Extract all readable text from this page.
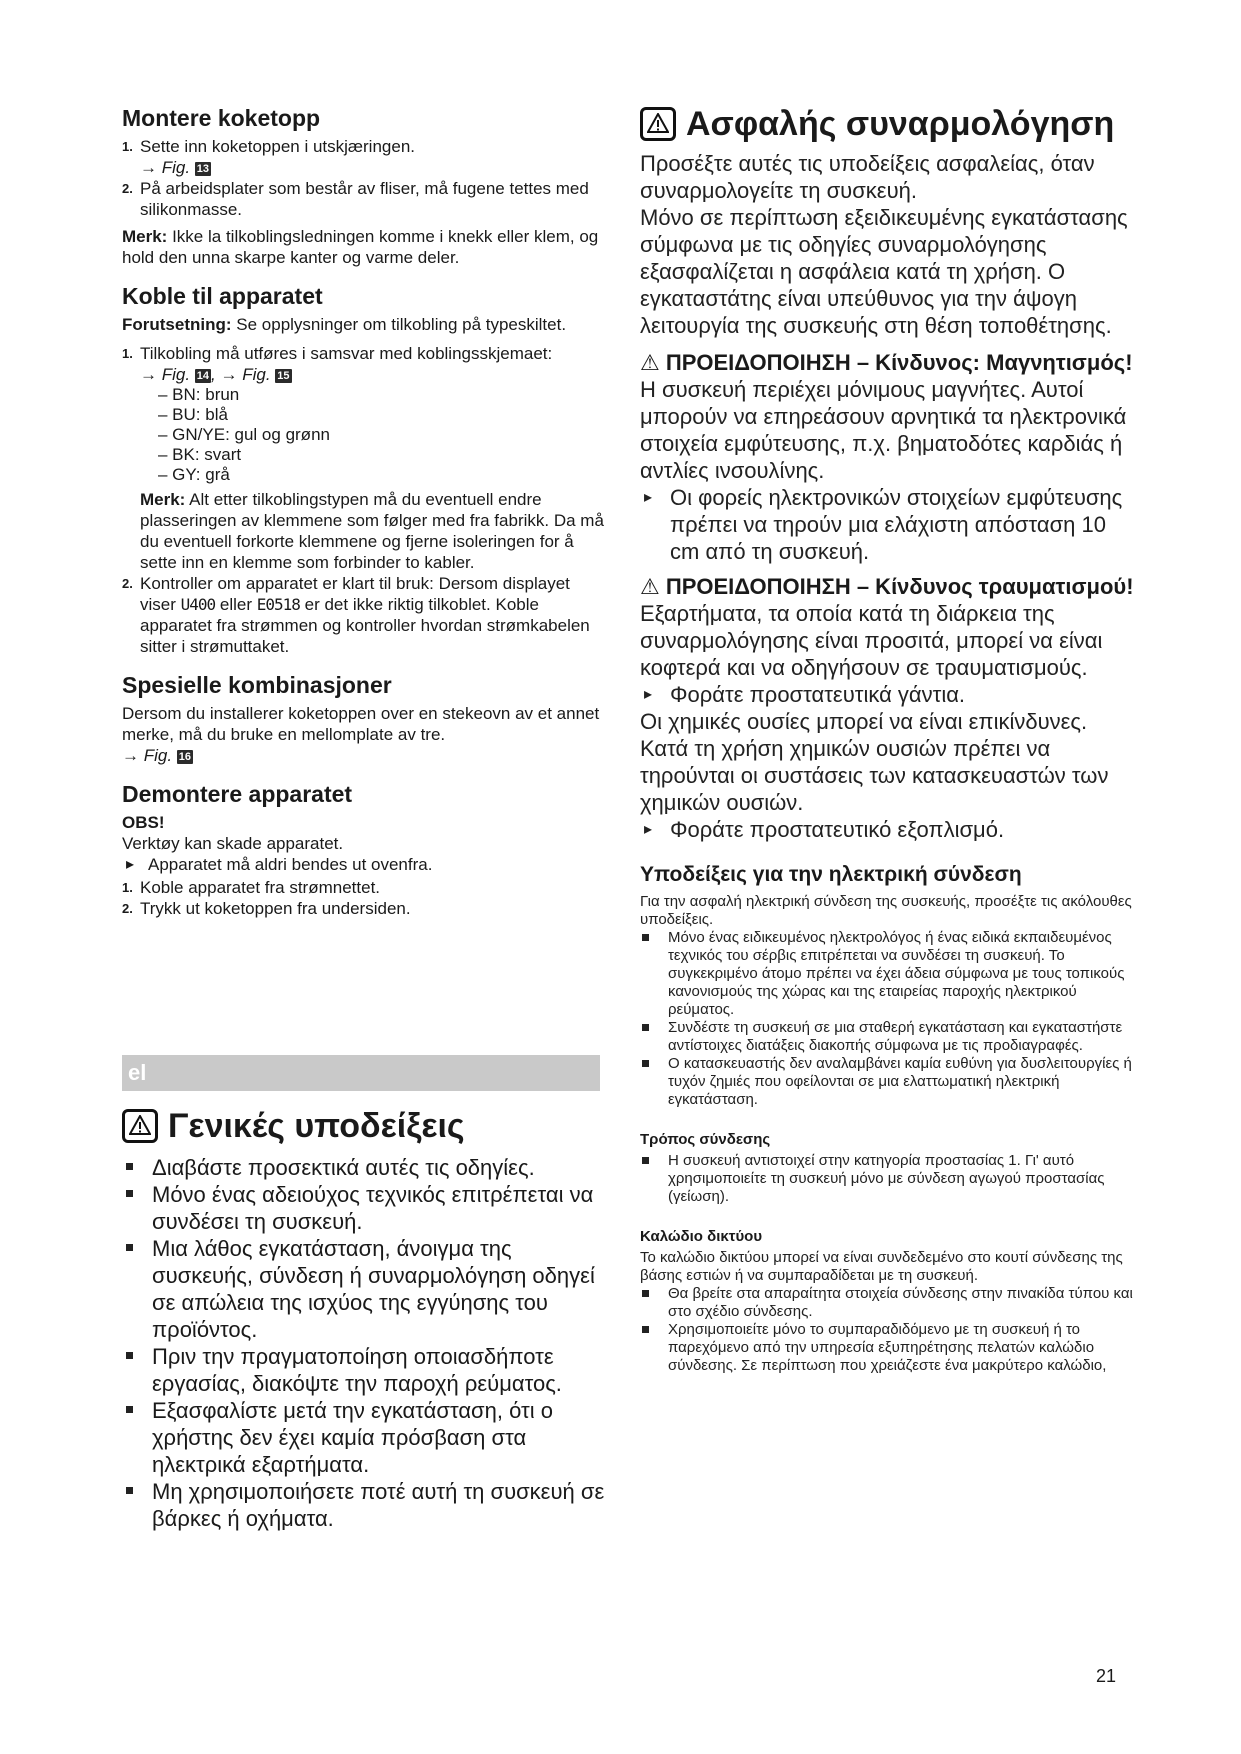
Montere koketopp

1. Sette inn koketoppen i utskjæringen.
→ Fig. 13
2. På arbeidsplater som består av fliser, må fugene tettes med silikonmasse.

Merk: Ikke la tilkoblingsledningen komme i knekk eller klem, og hold den unna skarpe kanter og varme deler.

Koble til apparatet

Forutsetning: Se opplysninger om tilkobling på typeskiltet.

1. Tilkobling må utføres i samsvar med koblingsskjemaet:
→ Fig. 14 , → Fig. 15
– BN: brun
– BU: blå
– GN/YE: gul og grønn
– BK: svart
– GY: grå

Merk: Alt etter tilkoblingstypen må du eventuell endre plasseringen av klemmene som følger med fra fabrikk. Da må du eventuell forkorte klemmene og fjerne isoleringen for å sette inn en klemme som forbinder to kabler.

2. Kontroller om apparatet er klart til bruk: Dersom displayet viser U400 eller E0518 er det ikke riktig tilkoblet. Koble apparatet fra strømmen og kontroller hvordan strømkabelen sitter i strømuttaket.

Spesielle kombinasjoner

Dersom du installerer koketoppen over en stekeovn av et annet merke, må du bruke en mellomplate av tre.

→ Fig. 16

Demontere apparatet

OBS!

Verktøy kan skade apparatet.

▸ Apparatet må aldri bendes ut ovenfra.
1. Koble apparatet fra strømnettet.
2. Trykk ut koketoppen fra undersiden.
el

Γενικές υποδείξεις

Διαβάστε προσεκτικά αυτές τις οδηγίες.
Μόνο ένας αδειούχος τεχνικός επιτρέπεται να συνδέσει τη συσκευή.
Μια λάθος εγκατάσταση, άνοιγμα της συσκευής, σύνδεση ή συναρμολόγηση οδηγεί σε απώλεια της ισχύος της εγγύησης του προϊόντος.
Πριν την πραγματοποίηση οποιασδήποτε εργασίας, διακόψτε την παροχή ρεύματος.
Εξασφαλίστε μετά την εγκατάσταση, ότι ο χρήστης δεν έχει καμία πρόσβαση στα ηλεκτρικά εξαρτήματα.
Μη χρησιμοποιήσετε ποτέ αυτή τη συσκευή σε βάρκες ή οχήματα.

Ασφαλής συναρμολόγηση

Προσέξτε αυτές τις υποδείξεις ασφαλείας, όταν συναρμολογείτε τη συσκευή.

Μόνο σε περίπτωση εξειδικευμένης εγκατάστασης σύμφωνα με τις οδηγίες συναρμολόγησης εξασφαλίζεται η ασφάλεια κατά τη χρήση. Ο εγκαταστάτης είναι υπεύθυνος για την άψογη λειτουργία της συσκευής στη θέση τοποθέτησης.

⚠ ΠΡΟΕΙΔΟΠΟΙΗΣΗ – Κίνδυνος: Μαγνητισμός!

Η συσκευή περιέχει μόνιμους μαγνήτες. Αυτοί μπορούν να επηρεάσουν αρνητικά τα ηλεκτρονικά στοιχεία εμφύτευσης, π.χ. βηματοδότες καρδιάς ή αντλίες ινσουλίνης.

▸ Οι φορείς ηλεκτρονικών στοιχείων εμφύτευσης πρέπει να τηρούν μια ελάχιστη απόσταση 10 cm από τη συσκευή.

⚠ ΠΡΟΕΙΔΟΠΟΙΗΣΗ – Κίνδυνος τραυματισμού!

Εξαρτήματα, τα οποία κατά τη διάρκεια της συναρμολόγησης είναι προσιτά, μπορεί να είναι κοφτερά και να οδηγήσουν σε τραυματισμούς.

▸ Φοράτε προστατευτικά γάντια.

Οι χημικές ουσίες μπορεί να είναι επικίνδυνες. Κατά τη χρήση χημικών ουσιών πρέπει να τηρούνται οι συστάσεις των κατασκευαστών των χημικών ουσιών.

▸ Φοράτε προστατευτικό εξοπλισμό.

Υποδείξεις για την ηλεκτρική σύνδεση

Για την ασφαλή ηλεκτρική σύνδεση της συσκευής, προσέξτε τις ακόλουθες υποδείξεις.

Μόνο ένας ειδικευμένος ηλεκτρολόγος ή ένας ειδικά εκπαιδευμένος τεχνικός του σέρβις επιτρέπεται να συνδέσει τη συσκευή. Το συγκεκριμένο άτομο πρέπει να έχει άδεια σύμφωνα με τους τοπικούς κανονισμούς της χώρας και της εταιρείας παροχής ηλεκτρικού ρεύματος.
Συνδέστε τη συσκευή σε μια σταθερή εγκατάσταση και εγκαταστήστε αντίστοιχες διατάξεις διακοπής σύμφωνα με τις προδιαγραφές.
Ο κατασκευαστής δεν αναλαμβάνει καμία ευθύνη για δυσλειτουργίες ή τυχόν ζημιές που οφείλονται σε μια ελαττωματική ηλεκτρική εγκατάσταση.

Τρόπος σύνδεσης

Η συσκευή αντιστοιχεί στην κατηγορία προστασίας 1. Γι' αυτό χρησιμοποιείτε τη συσκευή μόνο με σύνδεση αγωγού προστασίας (γείωση).

Καλώδιο δικτύου

Το καλώδιο δικτύου μπορεί να είναι συνδεδεμένο στο κουτί σύνδεσης της βάσης εστιών ή να συμπαραδίδεται με τη συσκευή.

Θα βρείτε στα απαραίτητα στοιχεία σύνδεσης στην πινακίδα τύπου και στο σχέδιο σύνδεσης.
Χρησιμοποιείτε μόνο το συμπαραδιδόμενο με τη συσκευή ή το παρεχόμενο από την υπηρεσία εξυπηρέτησης πελατών καλώδιο σύνδεσης. Σε περίπτωση που χρειάζεστε ένα μακρύτερο καλώδιο,
21
